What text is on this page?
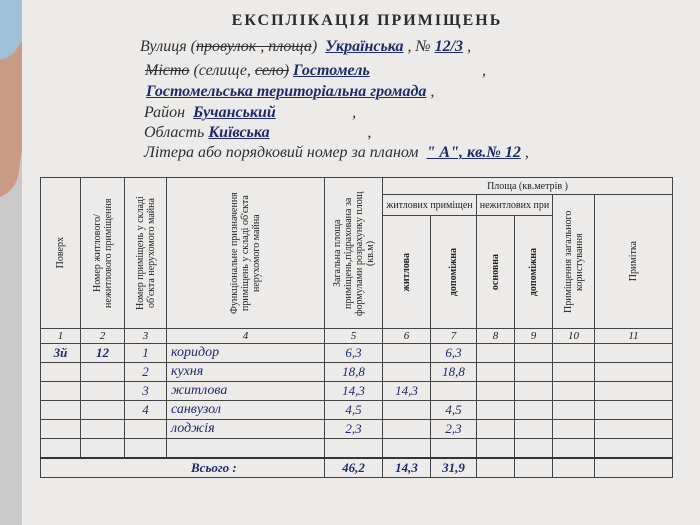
ЕКСПЛІКАЦІЯ ПРИМІЩЕНЬ
Вулиця (провулок , площа) Українська , № 12/3 ,
Місто (селище, село) Гостомель	,
Гостомельська територіальна громада ,
Район Бучанський	,
Область Київська	,
Літера або порядковий номер за планом " А", кв.№ 12 ,
Поверх	Номер житлового/нежитлового приміщення	Номер приміщень у складі об'єкта нерухомого майна	Функціональне призначення приміщень у складі об'єкта нерухомого майна	Загальна площа приміщень,підрахована за формулами розрахунку площ (кв.м)	Площа (кв.метрів )					
					житлових приміщен		нежитлових при		Приміщення загального користування	Примітка

					житлова	допоміжна	основна	допоміжна		

1	2	3	4	5	6	7	8	9	10	11
3й	12	1	коридор	6,3		6,3				
		2	кухня	18,8		18,8				
		3	житлова	14,3	14,3					
		4	санвузол	4,5		4,5				
			лоджія	2,3		2,3				

Всього :				46,2	14,3	31,9				
